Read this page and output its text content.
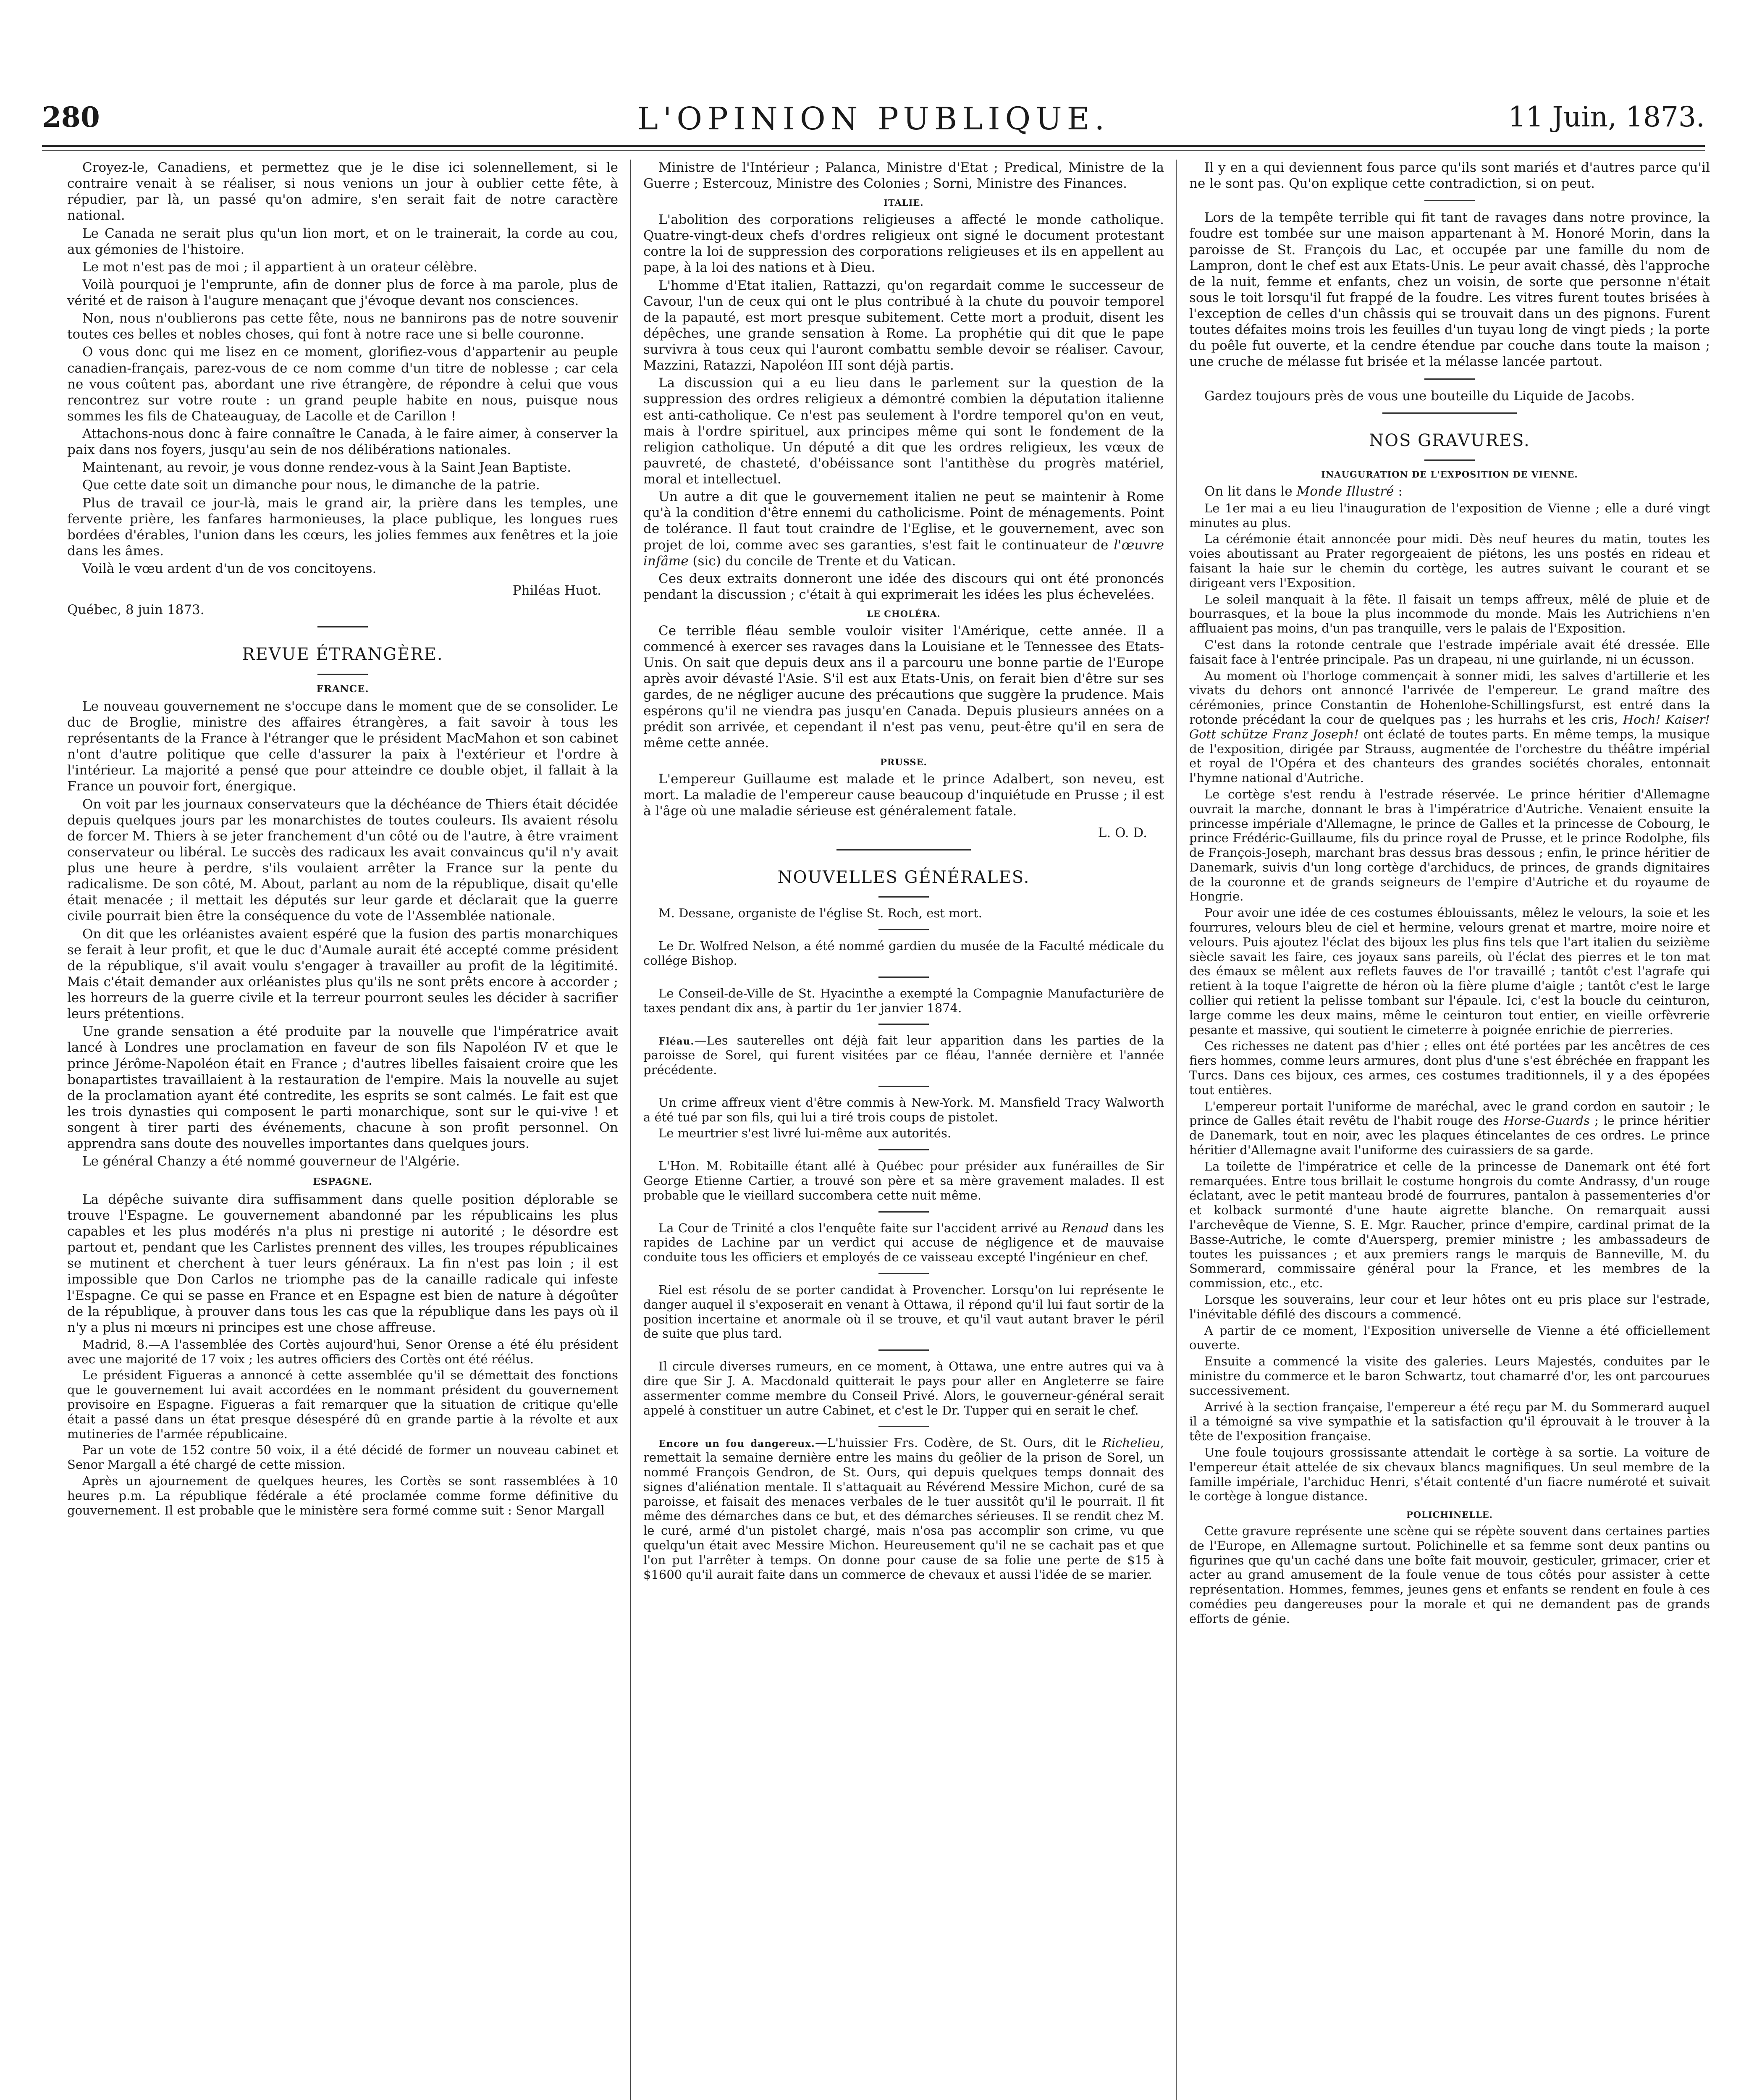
280	L'OPINION PUBLIQUE.	11 Juin, 1873.

Croyez-le, Canadiens, et permettez que je le dise ici solennellement, si le contraire venait à se réaliser, si nous venions un jour à oublier cette fête, à répudier, par là, un passé qu'on admire, s'en serait fait de notre caractère national.

Le Canada ne serait plus qu'un lion mort, et on le trainerait, la corde au cou, aux gémonies de l'histoire.

Le mot n'est pas de moi ; il appartient à un orateur célèbre.

Voilà pourquoi je l'emprunte, afin de donner plus de force à ma parole, plus de vérité et de raison à l'augure menaçant que j'évoque devant nos consciences.

Non, nous n'oublierons pas cette fête, nous ne bannirons pas de notre souvenir toutes ces belles et nobles choses, qui font à notre race une si belle couronne.

O vous donc qui me lisez en ce moment, glorifiez-vous d'appartenir au peuple canadien-français, parez-vous de ce nom comme d'un titre de noblesse ; car cela ne vous coûtent pas, abordant une rive étrangère, de répondre à celui que vous rencontrez sur votre route : un grand peuple habite en nous, puisque nous sommes les fils de Chateauguay, de Lacolle et de Carillon !

Attachons-nous donc à faire connaître le Canada, à le faire aimer, à conserver la paix dans nos foyers, jusqu'au sein de nos délibérations nationales.

Maintenant, au revoir, je vous donne rendez-vous à la Saint Jean Baptiste.

Que cette date soit un dimanche pour nous, le dimanche de la patrie.

Plus de travail ce jour-là, mais le grand air, la prière dans les temples, une fervente prière, les fanfares harmonieuses, la place publique, les longues rues bordées d'érables, l'union dans les cœurs, les jolies femmes aux fenêtres et la joie dans les âmes.

Voilà le vœu ardent d'un de vos concitoyens.

Philéas Huot.

Québec, 8 juin 1873.

REVUE ÉTRANGÈRE.
FRANCE.

Le nouveau gouvernement ne s'occupe dans le moment que de se consolider. Le duc de Broglie, ministre des affaires étrangères, a fait savoir à tous les représentants de la France à l'étranger que le président MacMahon et son cabinet n'ont d'autre politique que celle d'assurer la paix à l'extérieur et l'ordre à l'intérieur. La majorité a pensé que pour atteindre ce double objet, il fallait à la France un pouvoir fort, énergique.

On voit par les journaux conservateurs que la déchéance de Thiers était décidée depuis quelques jours par les monarchistes de toutes couleurs. Ils avaient résolu de forcer M. Thiers à se jeter franchement d'un côté ou de l'autre, à être vraiment conservateur ou libéral. Le succès des radicaux les avait convaincus qu'il n'y avait plus une heure à perdre, s'ils voulaient arrêter la France sur la pente du radicalisme. De son côté, M. About, parlant au nom de la république, disait qu'elle était menacée ; il mettait les députés sur leur garde et déclarait que la guerre civile pourrait bien être la conséquence du vote de l'Assemblée nationale.

On dit que les orléanistes avaient espéré que la fusion des partis monarchiques se ferait à leur profit, et que le duc d'Aumale aurait été accepté comme président de la république, s'il avait voulu s'engager à travailler au profit de la légitimité. Mais c'était demander aux orléanistes plus qu'ils ne sont prêts encore à accorder ; les horreurs de la guerre civile et la terreur pourront seules les décider à sacrifier leurs prétentions.

Une grande sensation a été produite par la nouvelle que l'impératrice avait lancé à Londres une proclamation en faveur de son fils Napoléon IV et que le prince Jérôme-Napoléon était en France ; d'autres libelles faisaient croire que les bonapartistes travaillaient à la restauration de l'empire. Mais la nouvelle au sujet de la proclamation ayant été contredite, les esprits se sont calmés. Le fait est que les trois dynasties qui composent le parti monarchique, sont sur le qui-vive ! et songent à tirer parti des événements, chacune à son profit personnel. On apprendra sans doute des nouvelles importantes dans quelques jours.

Le général Chanzy a été nommé gouverneur de l'Algérie.

ESPAGNE.

La dépêche suivante dira suffisamment dans quelle position déplorable se trouve l'Espagne. Le gouvernement abandonné par les républicains les plus capables et les plus modérés n'a plus ni prestige ni autorité ; le désordre est partout et, pendant que les Carlistes prennent des villes, les troupes républicaines se mutinent et cherchent à tuer leurs généraux. La fin n'est pas loin ; il est impossible que Don Carlos ne triomphe pas de la canaille radicale qui infeste l'Espagne. Ce qui se passe en France et en Espagne est bien de nature à dégoûter de la république, à prouver dans tous les cas que la république dans les pays où il n'y a plus ni mœurs ni principes est une chose affreuse.

Madrid, 8.—A l'assemblée des Cortès aujourd'hui, Senor Orense a été élu président avec une majorité de 17 voix ; les autres officiers des Cortès ont été réélus.

Le président Figueras a annoncé à cette assemblée qu'il se démettait des fonctions que le gouvernement lui avait accordées en le nommant président du gouvernement provisoire en Espagne. Figueras a fait remarquer que la situation de critique qu'elle était a passé dans un état presque désespéré dû en grande partie à la révolte et aux mutineries de l'armée républicaine.

Par un vote de 152 contre 50 voix, il a été décidé de former un nouveau cabinet et Senor Margall a été chargé de cette mission.

Après un ajournement de quelques heures, les Cortès se sont rassemblées à 10 heures p.m. La république fédérale a été proclamée comme forme définitive du gouvernement. Il est probable que le ministère sera formé comme suit : Senor Margall

Ministre de l'Intérieur ; Palanca, Ministre d'Etat ; Predical, Ministre de la Guerre ; Estercouz, Ministre des Colonies ; Sorni, Ministre des Finances.

ITALIE.

L'abolition des corporations religieuses a affecté le monde catholique. Quatre-vingt-deux chefs d'ordres religieux ont signé le document protestant contre la loi de suppression des corporations religieuses et ils en appellent au pape, à la loi des nations et à Dieu.

L'homme d'Etat italien, Rattazzi, qu'on regardait comme le successeur de Cavour, l'un de ceux qui ont le plus contribué à la chute du pouvoir temporel de la papauté, est mort presque subitement. Cette mort a produit, disent les dépêches, une grande sensation à Rome. La prophétie qui dit que le pape survivra à tous ceux qui l'auront combattu semble devoir se réaliser. Cavour, Mazzini, Ratazzi, Napoléon III sont déjà partis.

La discussion qui a eu lieu dans le parlement sur la question de la suppression des ordres religieux a démontré combien la députation italienne est anti-catholique. Ce n'est pas seulement à l'ordre temporel qu'on en veut, mais à l'ordre spirituel, aux principes même qui sont le fondement de la religion catholique. Un député a dit que les ordres religieux, les vœux de pauvreté, de chasteté, d'obéissance sont l'antithèse du progrès matériel, moral et intellectuel.

Un autre a dit que le gouvernement italien ne peut se maintenir à Rome qu'à la condition d'être ennemi du catholicisme. Point de ménagements. Point de tolérance. Il faut tout craindre de l'Eglise, et le gouvernement, avec son projet de loi, comme avec ses garanties, s'est fait le continuateur de l'œuvre infâme (sic) du concile de Trente et du Vatican.

Ces deux extraits donneront une idée des discours qui ont été prononcés pendant la discussion ; c'était à qui exprimerait les idées les plus échevelées.

LE CHOLÉRA.

Ce terrible fléau semble vouloir visiter l'Amérique, cette année. Il a commencé à exercer ses ravages dans la Louisiane et le Tennessee des Etats-Unis. On sait que depuis deux ans il a parcouru une bonne partie de l'Europe après avoir dévasté l'Asie. S'il est aux Etats-Unis, on ferait bien d'être sur ses gardes, de ne négliger aucune des précautions que suggère la prudence. Mais espérons qu'il ne viendra pas jusqu'en Canada. Depuis plusieurs années on a prédit son arrivée, et cependant il n'est pas venu, peut-être qu'il en sera de même cette année.

PRUSSE.

L'empereur Guillaume est malade et le prince Adalbert, son neveu, est mort. La maladie de l'empereur cause beaucoup d'inquiétude en Prusse ; il est à l'âge où une maladie sérieuse est généralement fatale.

L. O. D.
NOUVELLES GÉNÉRALES.

M. Dessane, organiste de l'église St. Roch, est mort.

Le Dr. Wolfred Nelson, a été nommé gardien du musée de la Faculté médicale du collége Bishop.

Le Conseil-de-Ville de St. Hyacinthe a exempté la Compagnie Manufacturière de taxes pendant dix ans, à partir du 1er janvier 1874.

Fléau.—Les sauterelles ont déjà fait leur apparition dans les parties de la paroisse de Sorel, qui furent visitées par ce fléau, l'année dernière et l'année précédente.

Un crime affreux vient d'être commis à New-York. M. Mansfield Tracy Walworth a été tué par son fils, qui lui a tiré trois coups de pistolet.

Le meurtrier s'est livré lui-même aux autorités.

L'Hon. M. Robitaille étant allé à Québec pour présider aux funérailles de Sir George Etienne Cartier, a trouvé son père et sa mère gravement malades. Il est probable que le vieillard succombera cette nuit même.

La Cour de Trinité a clos l'enquête faite sur l'accident arrivé au Renaud dans les rapides de Lachine par un verdict qui accuse de négligence et de mauvaise conduite tous les officiers et employés de ce vaisseau excepté l'ingénieur en chef.

Riel est résolu de se porter candidat à Provencher. Lorsqu'on lui représente le danger auquel il s'exposerait en venant à Ottawa, il répond qu'il lui faut sortir de la position incertaine et anormale où il se trouve, et qu'il vaut autant braver le péril de suite que plus tard.

Il circule diverses rumeurs, en ce moment, à Ottawa, une entre autres qui va à dire que Sir J. A. Macdonald quitterait le pays pour aller en Angleterre se faire assermenter comme membre du Conseil Privé. Alors, le gouverneur-général serait appelé à constituer un autre Cabinet, et c'est le Dr. Tupper qui en serait le chef.

Encore un fou dangereux.—L'huissier Frs. Codère, de St. Ours, dit le Richelieu, remettait la semaine dernière entre les mains du geôlier de la prison de Sorel, un nommé François Gendron, de St. Ours, qui depuis quelques temps donnait des signes d'aliénation mentale. Il s'attaquait au Révérend Messire Michon, curé de sa paroisse, et faisait des menaces verbales de le tuer aussitôt qu'il le pourrait. Il fit même des démarches dans ce but, et des démarches sérieuses. Il se rendit chez M. le curé, armé d'un pistolet chargé, mais n'osa pas accomplir son crime, vu que quelqu'un était avec Messire Michon. Heureusement qu'il ne se cachait pas et que l'on put l'arrêter à temps. On donne pour cause de sa folie une perte de $15 à $1600 qu'il aurait faite dans un commerce de chevaux et aussi l'idée de se marier.

Il y en a qui deviennent fous parce qu'ils sont mariés et d'autres parce qu'il ne le sont pas. Qu'on explique cette contradiction, si on peut.

Lors de la tempête terrible qui fit tant de ravages dans notre province, la foudre est tombée sur une maison appartenant à M. Honoré Morin, dans la paroisse de St. François du Lac, et occupée par une famille du nom de Lampron, dont le chef est aux Etats-Unis. Le peur avait chassé, dès l'approche de la nuit, femme et enfants, chez un voisin, de sorte que personne n'était sous le toit lorsqu'il fut frappé de la foudre. Les vitres furent toutes brisées à l'exception de celles d'un châssis qui se trouvait dans un des pignons. Furent toutes défaites moins trois les feuilles d'un tuyau long de vingt pieds ; la porte du poêle fut ouverte, et la cendre étendue par couche dans toute la maison ; une cruche de mélasse fut brisée et la mélasse lancée partout.

Gardez toujours près de vous une bouteille du Liquide de Jacobs.

NOS GRAVURES.
INAUGURATION DE L'EXPOSITION DE VIENNE.

On lit dans le Monde Illustré :

Le 1er mai a eu lieu l'inauguration de l'exposition de Vienne ; elle a duré vingt minutes au plus.

La cérémonie était annoncée pour midi. Dès neuf heures du matin, toutes les voies aboutissant au Prater regorgeaient de piétons, les uns postés en rideau et faisant la haie sur le chemin du cortège, les autres suivant le courant et se dirigeant vers l'Exposition.

Le soleil manquait à la fête. Il faisait un temps affreux, mêlé de pluie et de bourrasques, et la boue la plus incommode du monde. Mais les Autrichiens n'en affluaient pas moins, d'un pas tranquille, vers le palais de l'Exposition.

C'est dans la rotonde centrale que l'estrade impériale avait été dressée. Elle faisait face à l'entrée principale. Pas un drapeau, ni une guirlande, ni un écusson.

Au moment où l'horloge commençait à sonner midi, les salves d'artillerie et les vivats du dehors ont annoncé l'arrivée de l'empereur. Le grand maître des cérémonies, prince Constantin de Hohenlohe-Schillingsfurst, est entré dans la rotonde précédant la cour de quelques pas ; les hurrahs et les cris, Hoch! Kaiser! Gott schütze Franz Joseph! ont éclaté de toutes parts. En même temps, la musique de l'exposition, dirigée par Strauss, augmentée de l'orchestre du théâtre impérial et royal de l'Opéra et des chanteurs des grandes sociétés chorales, entonnait l'hymne national d'Autriche.

Le cortège s'est rendu à l'estrade réservée. Le prince héritier d'Allemagne ouvrait la marche, donnant le bras à l'impératrice d'Autriche. Venaient ensuite la princesse impériale d'Allemagne, le prince de Galles et la princesse de Cobourg, le prince Frédéric-Guillaume, fils du prince royal de Prusse, et le prince Rodolphe, fils de François-Joseph, marchant bras dessus bras dessous ; enfin, le prince héritier de Danemark, suivis d'un long cortège d'archiducs, de princes, de grands dignitaires de la couronne et de grands seigneurs de l'empire d'Autriche et du royaume de Hongrie.

Pour avoir une idée de ces costumes éblouissants, mêlez le velours, la soie et les fourrures, velours bleu de ciel et hermine, velours grenat et martre, moire noire et velours. Puis ajoutez l'éclat des bijoux les plus fins tels que l'art italien du seizième siècle savait les faire, ces joyaux sans pareils, où l'éclat des pierres et le ton mat des émaux se mêlent aux reflets fauves de l'or travaillé ; tantôt c'est l'agrafe qui retient à la toque l'aigrette de héron où la fière plume d'aigle ; tantôt c'est le large collier qui retient la pelisse tombant sur l'épaule. Ici, c'est la boucle du ceinturon, large comme les deux mains, même le ceinturon tout entier, en vieille orfèvrerie pesante et massive, qui soutient le cimeterre à poignée enrichie de pierreries.

Ces richesses ne datent pas d'hier ; elles ont été portées par les ancêtres de ces fiers hommes, comme leurs armures, dont plus d'une s'est ébréchée en frappant les Turcs. Dans ces bijoux, ces armes, ces costumes traditionnels, il y a des épopées tout entières.

L'empereur portait l'uniforme de maréchal, avec le grand cordon en sautoir ; le prince de Galles était revêtu de l'habit rouge des Horse-Guards ; le prince héritier de Danemark, tout en noir, avec les plaques étincelantes de ces ordres. Le prince héritier d'Allemagne avait l'uniforme des cuirassiers de sa garde.

La toilette de l'impératrice et celle de la princesse de Danemark ont été fort remarquées. Entre tous brillait le costume hongrois du comte Andrassy, d'un rouge éclatant, avec le petit manteau brodé de fourrures, pantalon à passementeries d'or et kolback surmonté d'une haute aigrette blanche. On remarquait aussi l'archevêque de Vienne, S. E. Mgr. Raucher, prince d'empire, cardinal primat de la Basse-Autriche, le comte d'Auersperg, premier ministre ; les ambassadeurs de toutes les puissances ; et aux premiers rangs le marquis de Banneville, M. du Sommerard, commissaire général pour la France, et les membres de la commission, etc., etc.

Lorsque les souverains, leur cour et leur hôtes ont eu pris place sur l'estrade, l'inévitable défilé des discours a commencé.

A partir de ce moment, l'Exposition universelle de Vienne a été officiellement ouverte.

Ensuite a commencé la visite des galeries. Leurs Majestés, conduites par le ministre du commerce et le baron Schwartz, tout chamarré d'or, les ont parcourues successivement.

Arrivé à la section française, l'empereur a été reçu par M. du Sommerard auquel il a témoigné sa vive sympathie et la satisfaction qu'il éprouvait à le trouver à la tête de l'exposition française.

Une foule toujours grossissante attendait le cortège à sa sortie. La voiture de l'empereur était attelée de six chevaux blancs magnifiques. Un seul membre de la famille impériale, l'archiduc Henri, s'était contenté d'un fiacre numéroté et suivait le cortège à longue distance.

POLICHINELLE.

Cette gravure représente une scène qui se répète souvent dans certaines parties de l'Europe, en Allemagne surtout. Polichinelle et sa femme sont deux pantins ou figurines que qu'un caché dans une boîte fait mouvoir, gesticuler, grimacer, crier et acter au grand amusement de la foule venue de tous côtés pour assister à cette représentation. Hommes, femmes, jeunes gens et enfants se rendent en foule à ces comédies peu dangereuses pour la morale et qui ne demandent pas de grands efforts de génie.
